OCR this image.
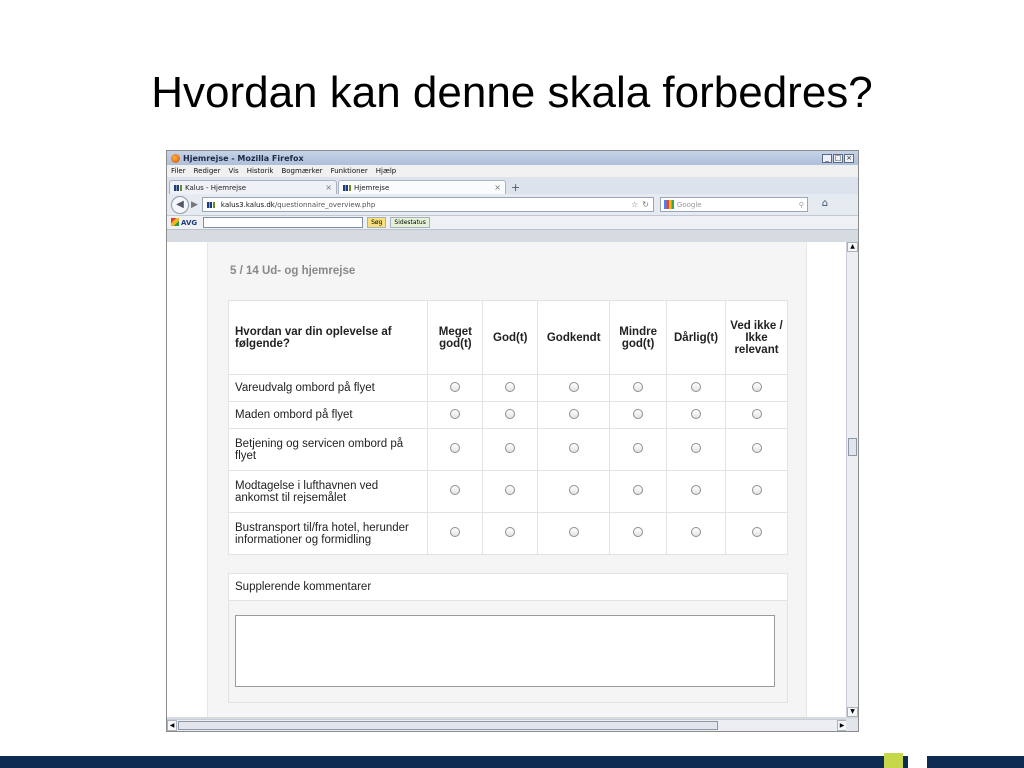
Hvordan kan denne skala forbedres?
Hjemrejse - Mozilla Firefox	_ □ ×
Filer Rediger Vis Historik Bogmærker Funktioner Hjælp
Kalus - Hjemrejse	×	Hjemrejse	× +
◀ ▶	kalus3.kalus.dk/questionnaire_overview.php	☆ ↻	Google	⚲	⌂
AVG	Søg	Sidestatus
5 / 14 Ud- og hjemrejse
Hvordan var din oplevelse af følgende?	Meget god(t)	God(t)	Godkendt	Mindre god(t)	Dårlig(t)	Ved ikke / Ikke relevant
Vareudvalg ombord på flyet						
Maden ombord på flyet						
Betjening og servicen ombord på flyet						
Modtagelse i lufthavnen ved ankomst til rejsemålet						
Bustransport til/fra hotel, herunder informationer og formidling						
Supplerende kommentarer
▲
▼
◀	▶
